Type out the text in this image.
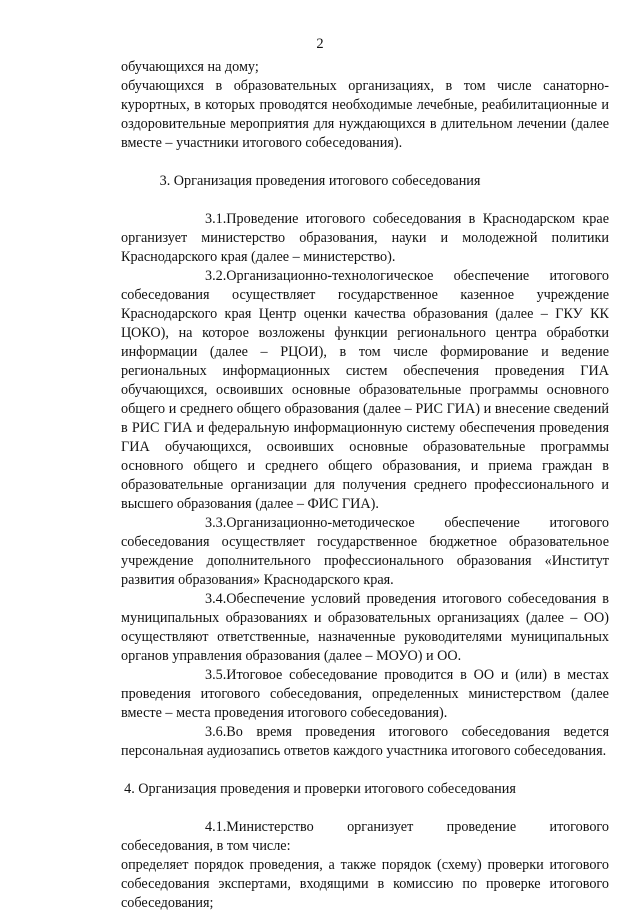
2

обучающихся на дому;

обучающихся в образовательных организациях, в том числе санаторно-курортных, в которых проводятся необходимые лечебные, реабилитационные и оздоровительные мероприятия для нуждающихся в длительном лечении (далее вместе – участники итогового собеседования).

3. Организация проведения итогового собеседования

3.1.Проведение итогового собеседования в Краснодарском крае организует министерство образования, науки и молодежной политики Краснодарского края (далее – министерство).

3.2.Организационно-технологическое обеспечение итогового собеседования осуществляет государственное казенное учреждение Краснодарского края Центр оценки качества образования (далее – ГКУ КК ЦОКО), на которое возложены функции регионального центра обработки информации (далее – РЦОИ), в том числе формирование и ведение региональных информационных систем обеспечения проведения ГИА обучающихся, освоивших основные образовательные программы основного общего и среднего общего образования (далее – РИС ГИА) и внесение сведений в РИС ГИА и федеральную информационную систему обеспечения проведения ГИА обучающихся, освоивших основные образовательные программы основного общего и среднего общего образования, и приема граждан в образовательные организации для получения среднего профессионального и высшего образования (далее – ФИС ГИА).

3.3.Организационно-методическое обеспечение итогового собеседования осуществляет государственное бюджетное образовательное учреждение дополнительного профессионального образования «Институт развития образования» Краснодарского края.

3.4.Обеспечение условий проведения итогового собеседования в муниципальных образованиях и образовательных организациях (далее – ОО) осуществляют ответственные, назначенные руководителями муниципальных органов управления образования (далее – МОУО) и ОО.

3.5.Итоговое собеседование проводится в ОО и (или) в местах проведения итогового собеседования, определенных министерством (далее вместе – места проведения итогового собеседования).

3.6.Во время проведения итогового собеседования ведется персональная аудиозапись ответов каждого участника итогового собеседования.

4. Организация проведения и проверки итогового собеседования

4.1.Министерство организует проведение итогового собеседования, в том числе:

определяет порядок проведения, а также порядок (схему) проверки итогового собеседования экспертами, входящими в комиссию по проверке итогового собеседования;
